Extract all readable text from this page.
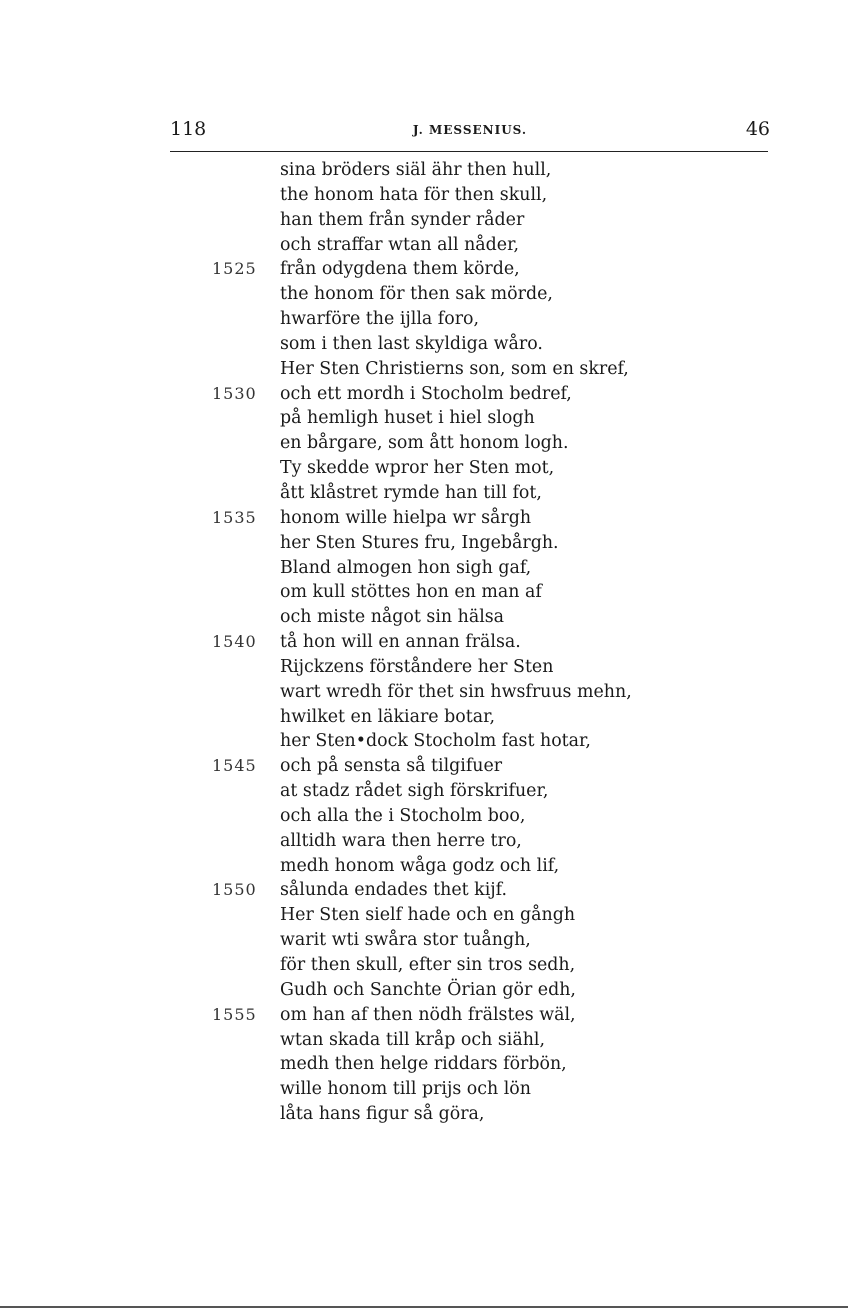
118	J. MESSENIUS.	46
sina bröders siäl ähr then hull,
the honom hata för then skull,
han them från synder råder
och straffar wtan all nåder,
1525	från odygdena them körde,
the honom för then sak mörde,
hwarföre the ijlla foro,
som i then last skyldiga wåro.
Her Sten Christierns son, som en skref,
1530	och ett mordh i Stocholm bedref,
på hemligh huset i hiel slogh
en bårgare, som ått honom logh.
Ty skedde wpror her Sten mot,
ått klåstret rymde han till fot,
1535	honom wille hielpa wr sårgh
her Sten Stures fru, Ingebårgh.
Bland almogen hon sigh gaf,
om kull stöttes hon en man af
och miste något sin hälsa
1540	tå hon will en annan frälsa.
Rijckzens förståndere her Sten
wart wredh för thet sin hwsfruus mehn,
hwilket en läkiare botar,
her Sten•dock Stocholm fast hotar,
1545	och på sensta så tilgifuer
at stadz rådet sigh förskrifuer,
och alla the i Stocholm boo,
alltidh wara then herre tro,
medh honom wåga godz och lif,
1550	sålunda endades thet kijf.
Her Sten sielf hade och en gångh
warit wti swåra stor tuångh,
för then skull, efter sin tros sedh,
Gudh och Sanchte Örian gör edh,
1555	om han af then nödh frälstes wäl,
wtan skada till kråp och siähl,
medh then helge riddars förbön,
wille honom till prijs och lön
låta hans figur så göra,
